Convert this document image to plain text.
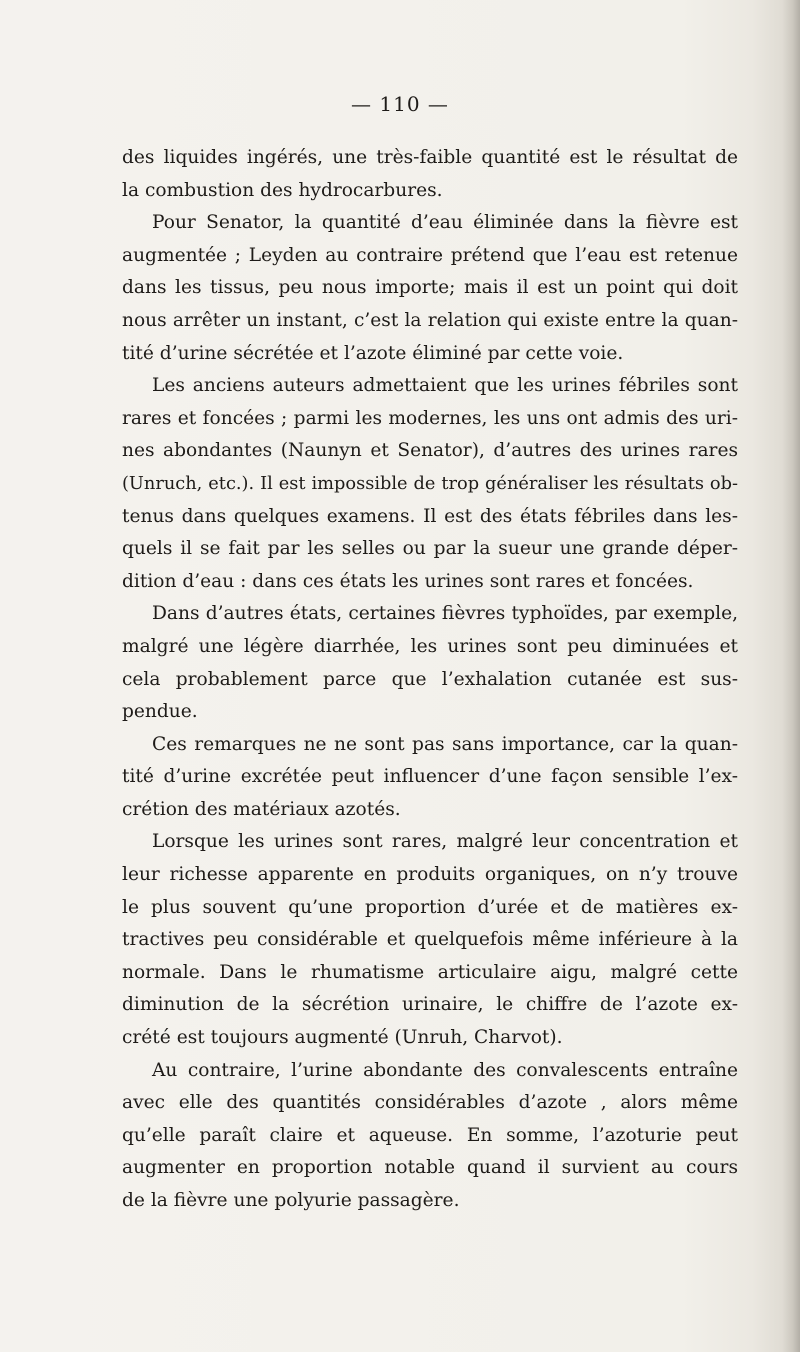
— 110 —
des liquides ingérés, une très-faible quantité est le résultat de
la combustion des hydrocarbures.
Pour Senator, la quantité d’eau éliminée dans la fièvre est
augmentée ; Leyden au contraire prétend que l’eau est retenue
dans les tissus, peu nous importe; mais il est un point qui doit
nous arrêter un instant, c’est la relation qui existe entre la quan-
tité d’urine sécrétée et l’azote éliminé par cette voie.
Les anciens auteurs admettaient que les urines fébriles sont
rares et foncées ; parmi les modernes, les uns ont admis des uri-
nes abondantes (Naunyn et Senator), d’autres des urines rares
(Unruch, etc.). Il est impossible de trop généraliser les résultats ob-
tenus dans quelques examens. Il est des états fébriles dans les-
quels il se fait par les selles ou par la sueur une grande déper-
dition d’eau : dans ces états les urines sont rares et foncées.
Dans d’autres états, certaines fièvres typhoïdes, par exemple,
malgré une légère diarrhée, les urines sont peu diminuées et
cela probablement parce que l’exhalation cutanée est sus-
pendue.
Ces remarques ne ne sont pas sans importance, car la quan-
tité d’urine excrétée peut influencer d’une façon sensible l’ex-
crétion des matériaux azotés.
Lorsque les urines sont rares, malgré leur concentration et
leur richesse apparente en produits organiques, on n’y trouve
le plus souvent qu’une proportion d’urée et de matières ex-
tractives peu considérable et quelquefois même inférieure à la
normale. Dans le rhumatisme articulaire aigu, malgré cette
diminution de la sécrétion urinaire, le chiffre de l’azote ex-
crété est toujours augmenté (Unruh, Charvot).
Au contraire, l’urine abondante des convalescents entraîne
avec elle des quantités considérables d’azote , alors même
qu’elle paraît claire et aqueuse. En somme, l’azoturie peut
augmenter en proportion notable quand il survient au cours
de la fièvre une polyurie passagère.
